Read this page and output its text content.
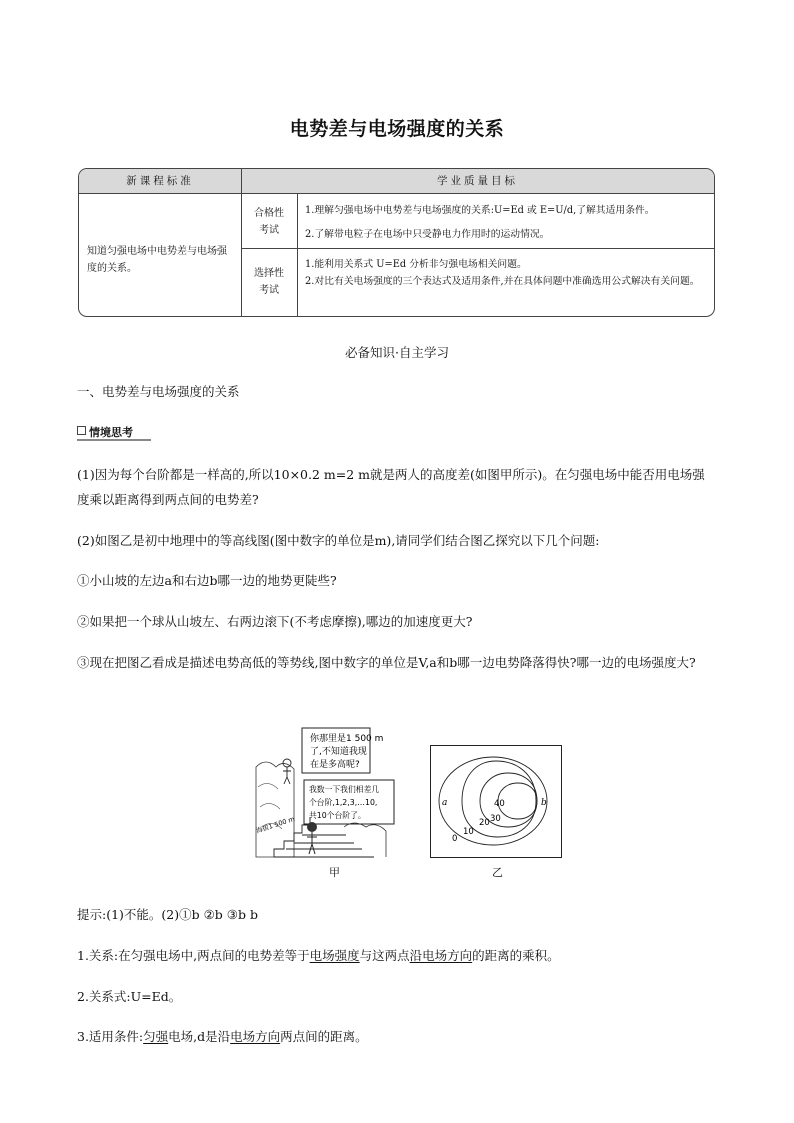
电势差与电场强度的关系
新课程标准	学业质量目标
知道匀强电场中电势差与电场强度的关系。
合格性考试
1.理解匀强电场中电势差与电场强度的关系:U=Ed 或 E=U/d,了解其适用条件。
2.了解带电粒子在电场中只受静电力作用时的运动情况。
选择性考试
1.能利用关系式 U=Ed 分析非匀强电场相关问题。
2.对比有关电场强度的三个表达式及适用条件,并在具体问题中准确选用公式解决有关问题。
必备知识·自主学习
一、电势差与电场强度的关系
情境思考
(1)因为每个台阶都是一样高的,所以10×0.2 m=2 m就是两人的高度差(如图甲所示)。在匀强电场中能否用电场强度乘以距离得到两点间的电势差?
(2)如图乙是初中地理中的等高线图(图中数字的单位是m),请同学们结合图乙探究以下几个问题:
①小山坡的左边a和右边b哪一边的地势更陡些?
②如果把一个球从山坡左、右两边滚下(不考虑摩擦),哪边的加速度更大?
③现在把图乙看成是描述电势高低的等势线,图中数字的单位是V,a和b哪一边电势降落得快?哪一边的电场强度大?
你那里是1 500 m
了,不知道我现
在是多高呢?
我数一下我们相差几
个台阶,1,2,3,…10,
共10个台阶了。
海拔1 500 m
甲
a	b
0
10
20 30
40
乙
提示:(1)不能。(2)①b ②b ③b b
1.关系:在匀强电场中,两点间的电势差等于电场强度与这两点沿电场方向的距离的乘积。
2.关系式:U=Ed。
3.适用条件:匀强电场,d是沿电场方向两点间的距离。
